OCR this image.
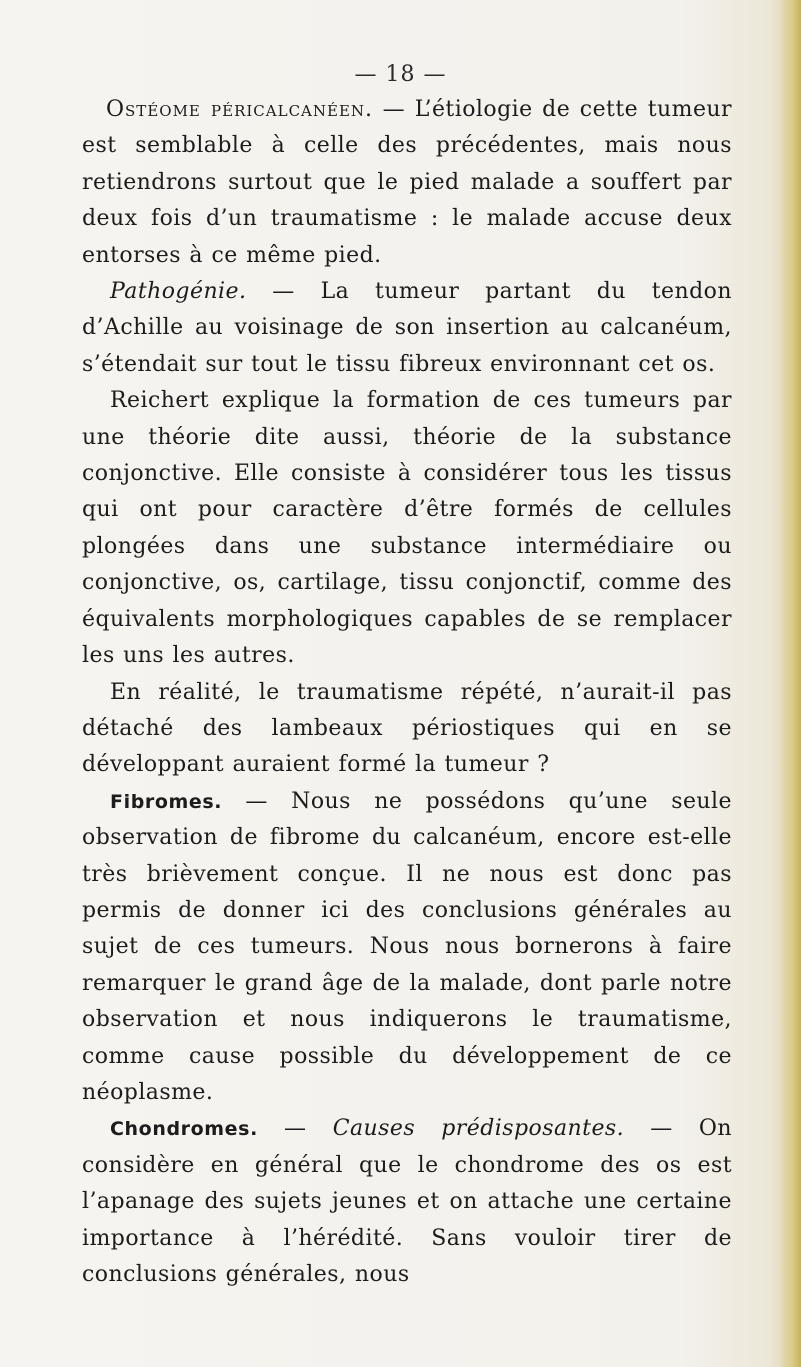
— 18 —

Ostéome péricalcanéen. — L’étiologie de cette tumeur est semblable à celle des précédentes, mais nous retiendrons surtout que le pied malade a souffert par deux fois d’un traumatisme : le malade accuse deux entorses à ce même pied.

Pathogénie. — La tumeur partant du tendon d’Achille au voisinage de son insertion au calcanéum, s’étendait sur tout le tissu fibreux environnant cet os.

Reichert explique la formation de ces tumeurs par une théorie dite aussi, théorie de la substance conjonctive. Elle consiste à considérer tous les tissus qui ont pour caractère d’être formés de cellules plongées dans une substance intermédiaire ou conjonctive, os, cartilage, tissu conjonctif, comme des équivalents morphologiques capables de se remplacer les uns les autres.

En réalité, le traumatisme répété, n’aurait-il pas détaché des lambeaux périostiques qui en se développant auraient formé la tumeur ?

Fibromes. — Nous ne possédons qu’une seule observation de fibrome du calcanéum, encore est-elle très brièvement conçue. Il ne nous est donc pas permis de donner ici des conclusions générales au sujet de ces tumeurs. Nous nous bornerons à faire remarquer le grand âge de la malade, dont parle notre observation et nous indiquerons le traumatisme, comme cause possible du développement de ce néoplasme.

Chondromes. — Causes prédisposantes. — On considère en général que le chondrome des os est l’apanage des sujets jeunes et on attache une certaine importance à l’hérédité. Sans vouloir tirer de conclusions générales, nous
